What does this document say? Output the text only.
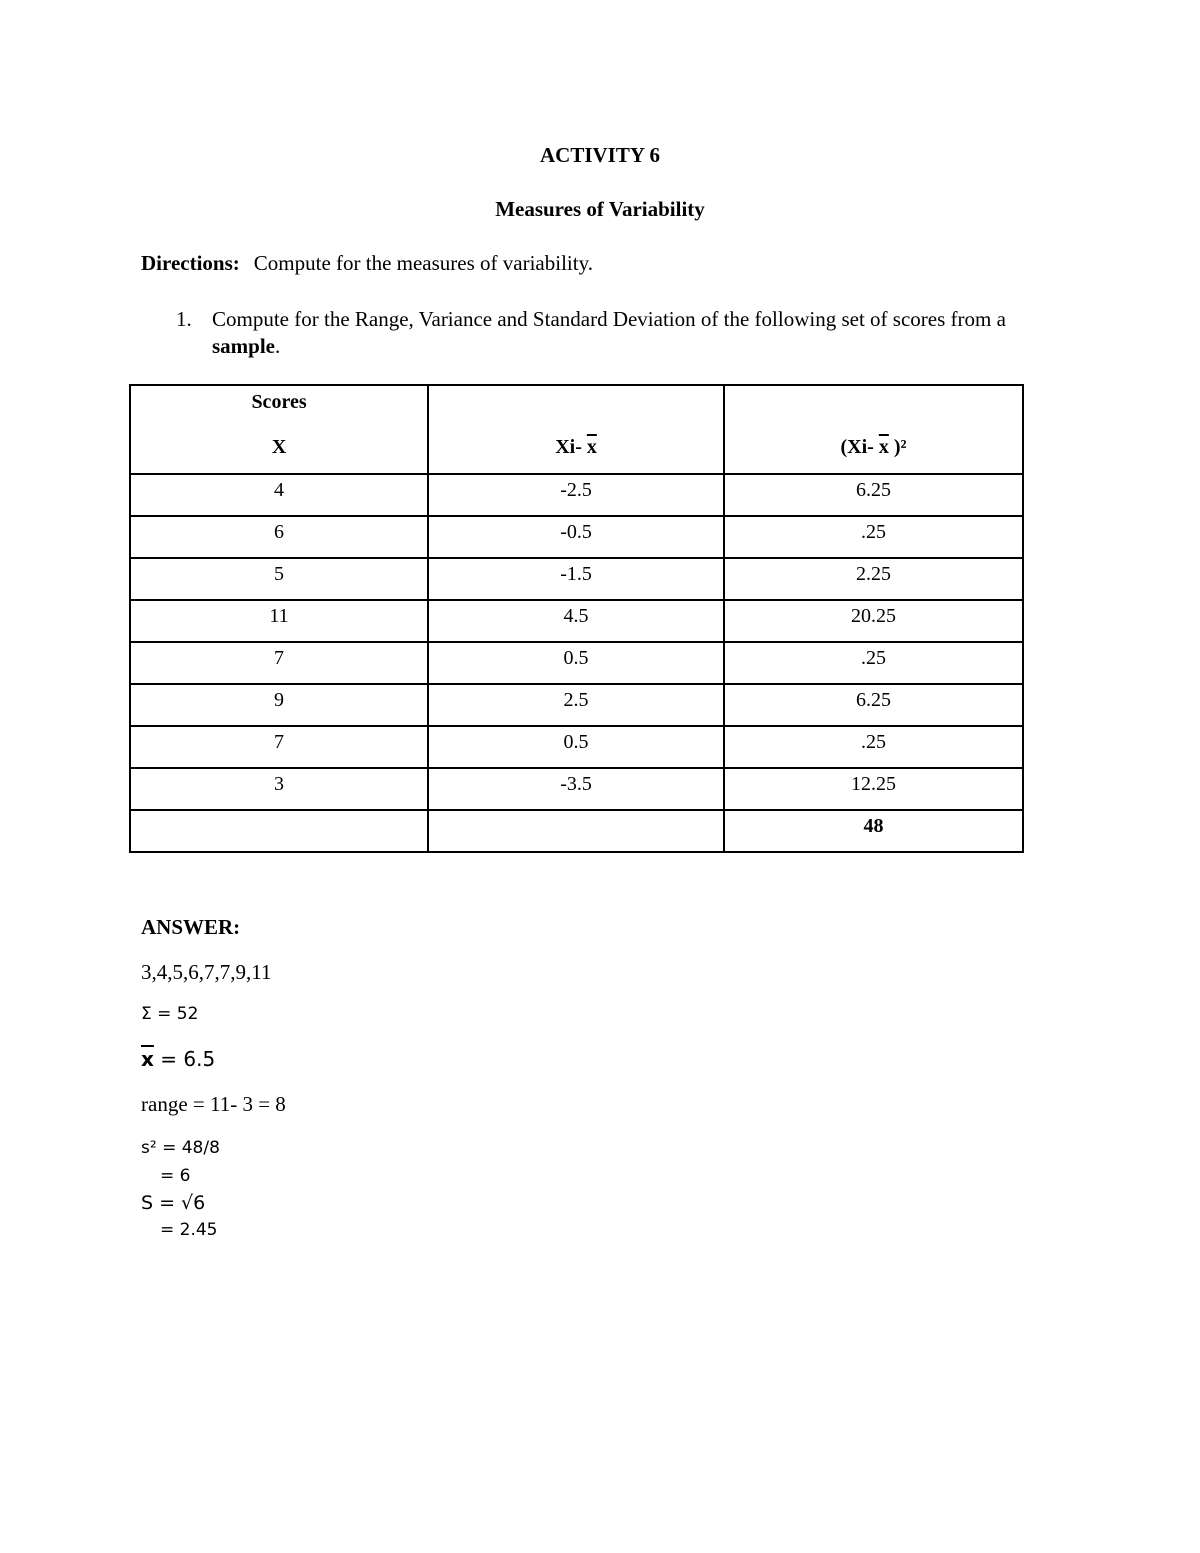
ACTIVITY 6
Measures of Variability
Directions: Compute for the measures of variability.
1. Compute for the Range, Variance and Standard Deviation of the following set of scores from a sample.
Scores
X	Xi- $\overline{x}$	(Xi- $\overline{x}$ )²

4	-2.5	6.25
6	-0.5	.25
5	-1.5	2.25
11	4.5	20.25
7	0.5	.25
9	2.5	6.25
7	0.5	.25
3	-3.5	12.25
		48
ANSWER:
3,4,5,6,7,7,9,11
Σ = 52
$\overline{x} = 6.5$
range = 11- 3 = 8
s² = 48/8
= 6
S = √6
= 2.45
